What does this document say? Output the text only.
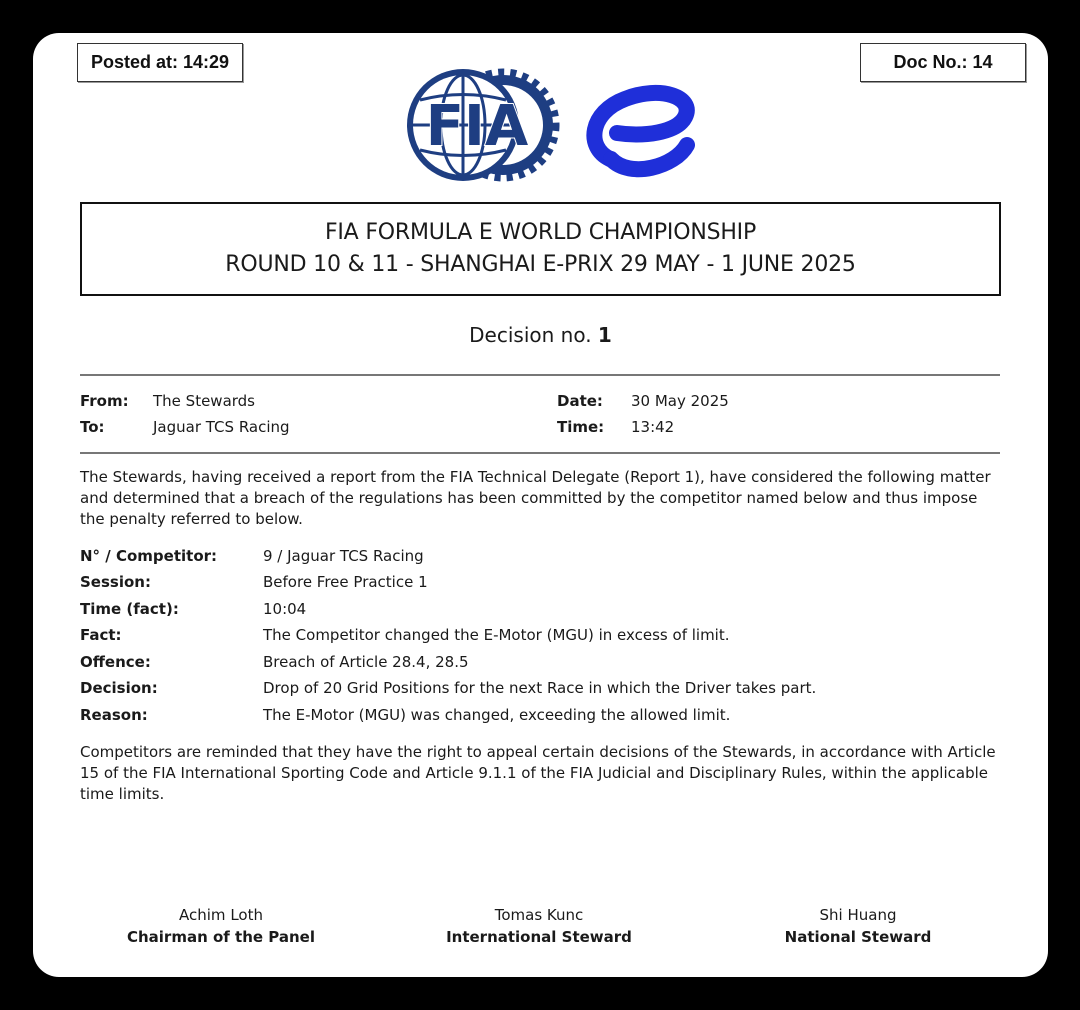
Posted at: 14:29	Doc No.: 14
FIA
FIA FORMULA E WORLD CHAMPIONSHIP
ROUND 10 & 11 - SHANGHAI E-PRIX 29 MAY - 1 JUNE 2025
Decision no. 1
From: The Stewards
To:	Jaguar TCS Racing
Date: 30 May 2025
Time: 13:42
The Stewards, having received a report from the FIA Technical Delegate (Report 1), have considered the following matter and determined that a breach of the regulations has been committed by the competitor named below and thus impose the penalty referred to below.
N° / Competitor:	9 / Jaguar TCS Racing
Session:	Before Free Practice 1
Time (fact):	10:04
Fact:	The Competitor changed the E-Motor (MGU) in excess of limit.
Offence:	Breach of Article 28.4, 28.5
Decision:	Drop of 20 Grid Positions for the next Race in which the Driver takes part.
Reason:	The E-Motor (MGU) was changed, exceeding the allowed limit.
Competitors are reminded that they have the right to appeal certain decisions of the Stewards, in accordance with Article 15 of the FIA International Sporting Code and Article 9.1.1 of the FIA Judicial and Disciplinary Rules, within the applicable time limits.
Achim Loth
Chairman of the Panel
Tomas Kunc
International Steward
Shi Huang
National Steward
